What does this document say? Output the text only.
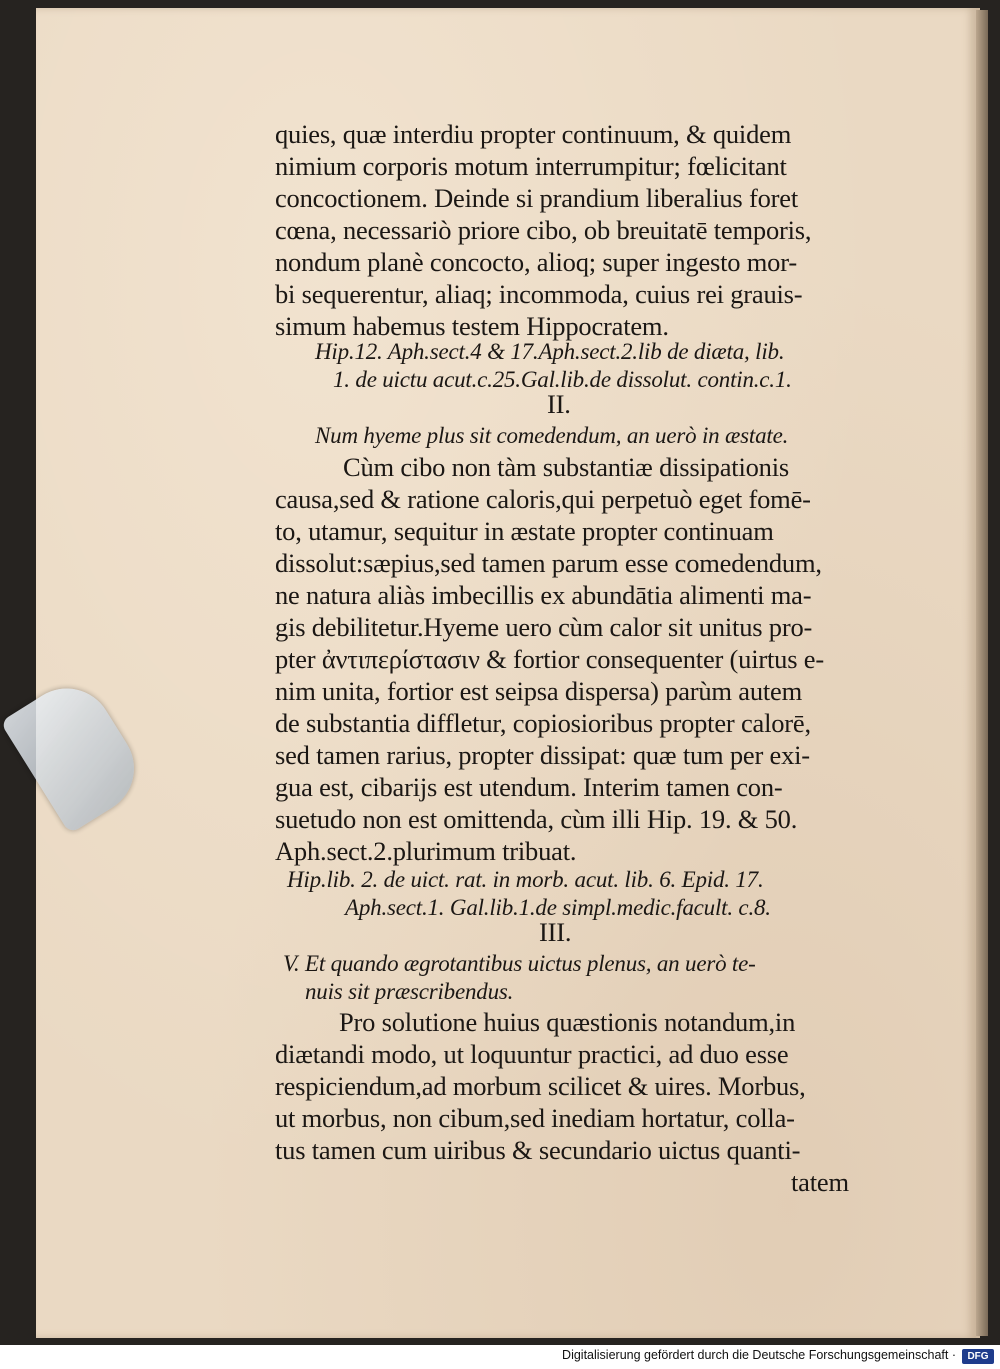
quies, quæ interdiu propter continuum, & quidem
nimium corporis motum interrumpitur; fœlicitant
concoctionem. Deinde si prandium liberalius foret
cœna, necessariò priore cibo, ob breuitatē temporis,
nondum planè concocto, alioq; super ingesto mor-
bi sequerentur, aliaq; incommoda, cuius rei grauis-
simum habemus testem Hippocratem.
Hip.12. Aph.sect.4 & 17.Aph.sect.2.lib de diæta, lib.
1. de uictu acut.c.25.Gal.lib.de dissolut. contin.c.1.
II.
Num hyeme plus sit comedendum, an uerò in æstate.
Cùm cibo non tàm substantiæ dissipationis
causa,sed & ratione caloris,qui perpetuò eget fomē-
to, utamur, sequitur in æstate propter continuam
dissolut:sæpius,sed tamen parum esse comedendum,
ne natura aliàs imbecillis ex abundātia alimenti ma-
gis debilitetur.Hyeme uero cùm calor sit unitus pro-
pter ἀντιπερίστασιν & fortior consequenter (uirtus e-
nim unita, fortior est seipsa dispersa) parùm autem
de substantia diffletur, copiosioribus propter calorē,
sed tamen rarius, propter dissipat: quæ tum per exi-
gua est, cibarijs est utendum. Interim tamen con-
suetudo non est omittenda, cùm illi Hip. 19. & 50.
Aph.sect.2.plurimum tribuat.
Hip.lib. 2. de uict. rat. in morb. acut. lib. 6. Epid. 17.
Aph.sect.1. Gal.lib.1.de simpl.medic.facult. c.8.
III.
V. Et quando ægrotantibus uictus plenus, an uerò te-
nuis sit præscribendus.
Pro solutione huius quæstionis notandum,in
diætandi modo, ut loquuntur practici, ad duo esse
respiciendum,ad morbum scilicet & uires. Morbus,
ut morbus, non cibum,sed inediam hortatur, colla-
tus tamen cum uiribus & secundario uictus quanti-
tatem
Digitalisierung gefördert durch die Deutsche Forschungsgemeinschaft ·	DFG
